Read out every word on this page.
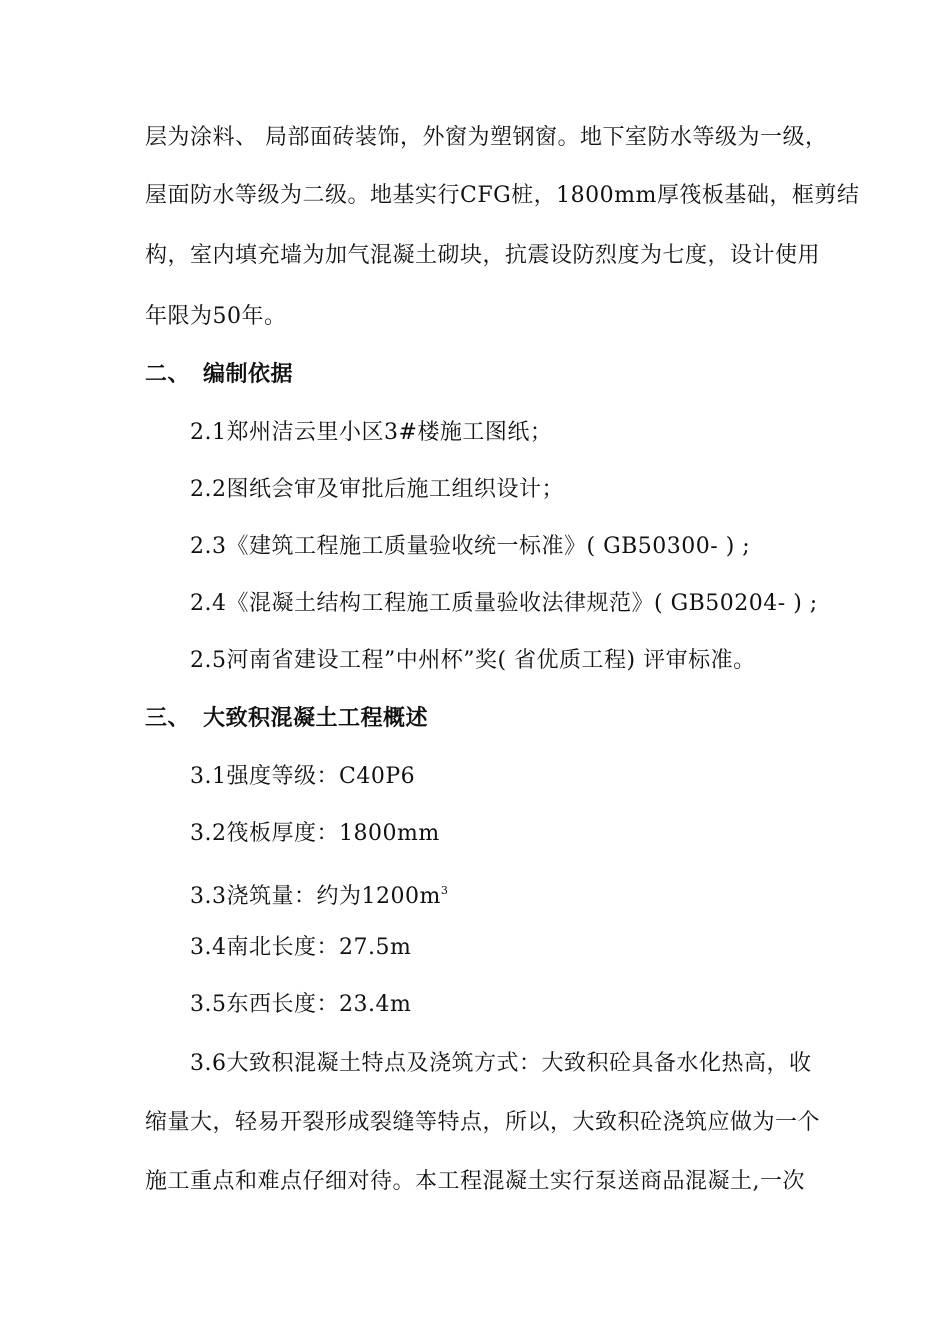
层为涂料、 局部面砖装饰，外窗为塑钢窗。地下室防水等级为一级，
屋面防水等级为二级。地基实行CFG桩，1800mm厚筏板基础，框剪结
构，室内填充墙为加气混凝土砌块，抗震设防烈度为七度，设计使用
年限为50年。
二、 编制依据
2.1郑州洁云里小区3#楼施工图纸；
2.2图纸会审及审批后施工组织设计；
2.3《建筑工程施工质量验收统一标准》( GB50300- ) ;
2.4《混凝土结构工程施工质量验收法律规范》( GB50204- ) ;
2.5河南省建设工程”中州杯”奖( 省优质工程) 评审标准。
三、 大致积混凝土工程概述
3.1强度等级：C40P6
3.2筏板厚度：1800mm
3.3浇筑量：约为$1200m^3$
3.4南北长度：27.5m
3.5东西长度：23.4m
3.6大致积混凝土特点及浇筑方式：大致积砼具备水化热高，收
缩量大，轻易开裂形成裂缝等特点，所以，大致积砼浇筑应做为一个
施工重点和难点仔细对待。本工程混凝土实行泵送商品混凝土,一次
